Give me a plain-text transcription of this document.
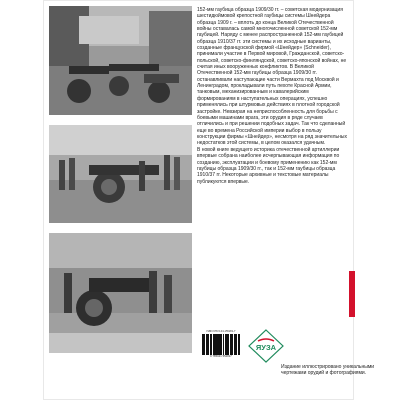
152-мм гаубица образца 1909/30 гг. – советская модернизация шестидюймовой крепостной гаубицы системы Шнейдера образца 1909 г. – вплоть до конца Великой Отечественной войны оставалась самой многочисленной советской 152-мм гаубицей. Наряду с менее распространенной 152-мм гаубицей образца 1910/37 гг. эти системы и их исходные варианты, созданные французской фирмой «Шнейдер» (Schneider), принимали участие в Первой мировой, Гражданской, советско-польской, советско-финляндской, советско-японской войнах, не считая иных вооруженных конфликтов. В Великой Отечественной 152-мм гаубицы образца 1909/30 гг. останавливали наступающие части Вермахта под Москвой и Ленинградом, прокладывали путь пехоте Красной Армии, танковым, механизированным и кавалерийским формированиям в наступательных операциях, успешно применялись при штурмовых действиях в плотной городской застройке. Невзирая на неприспособленность для борьбы с боевыми машинами врага, эти орудия в ряде случаев отличились и при решении подобных задач. Так что сделанный еще во времена Российской империи выбор в пользу конструкции фирмы «Шнейдер», несмотря на ряд значительных недостатков этой системы, в целом оказался удачным.

В новой книге ведущего историка отечественной артиллерии впервые собрана наиболее исчерпывающая информация по созданию, эксплуатации и боевому применению как 152-мм гаубицы образца 1909/30 гг., так и 152-мм гаубицы образца 1910/37 гг. Некоторые архивные и текстовые материалы публикуются впервые.

ISBN 978-5-04-155281-7
9 785041 552817
ЯУЗА

Издание иллюстрировано уникальными чертежами орудий и фотографиями.
